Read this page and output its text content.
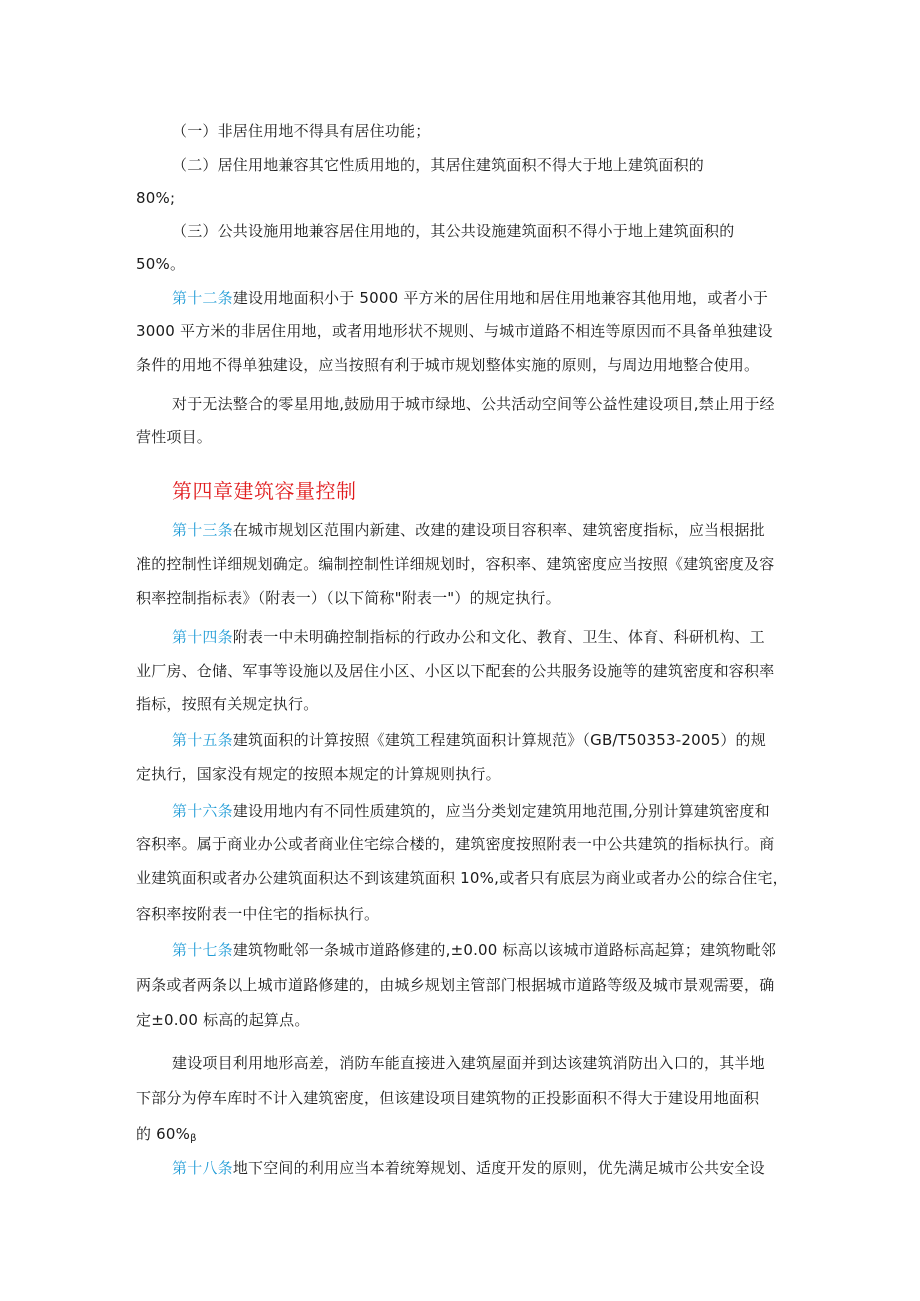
（一）非居住用地不得具有居住功能；
（二）居住用地兼容其它性质用地的，其居住建筑面积不得大于地上建筑面积的
80%;
（三）公共设施用地兼容居住用地的，其公共设施建筑面积不得小于地上建筑面积的
50%。
第十二条建设用地面积小于 5000 平方米的居住用地和居住用地兼容其他用地，或者小于
3000 平方米的非居住用地，或者用地形状不规则、与城市道路不相连等原因而不具备单独建设
条件的用地不得单独建设，应当按照有利于城市规划整体实施的原则，与周边用地整合使用。
对于无法整合的零星用地,鼓励用于城市绿地、公共活动空间等公益性建设项目,禁止用于经
营性项目。
第四章建筑容量控制
第十三条在城市规划区范围内新建、改建的建设项目容积率、建筑密度指标，应当根据批
准的控制性详细规划确定。编制控制性详细规划时，容积率、建筑密度应当按照《建筑密度及容
积率控制指标表》（附表一）（以下简称"附表一"）的规定执行。
第十四条附表一中未明确控制指标的行政办公和文化、教育、卫生、体育、科研机构、工
业厂房、仓储、军事等设施以及居住小区、小区以下配套的公共服务设施等的建筑密度和容积率
指标，按照有关规定执行。
第十五条建筑面积的计算按照《建筑工程建筑面积计算规范》（GB/T50353-2005）的规
定执行，国家没有规定的按照本规定的计算规则执行。
第十六条建设用地内有不同性质建筑的，应当分类划定建筑用地范围,分别计算建筑密度和
容积率。属于商业办公或者商业住宅综合楼的，建筑密度按照附表一中公共建筑的指标执行。商
业建筑面积或者办公建筑面积达不到该建筑面积 10%,或者只有底层为商业或者办公的综合住宅，
容积率按附表一中住宅的指标执行。
第十七条建筑物毗邻一条城市道路修建的,±0.00 标高以该城市道路标高起算；建筑物毗邻
两条或者两条以上城市道路修建的，由城乡规划主管部门根据城市道路等级及城市景观需要，确
定±0.00 标高的起算点。
建设项目利用地形高差，消防车能直接进入建筑屋面并到达该建筑消防出入口的，其半地
下部分为停车库时不计入建筑密度，但该建设项目建筑物的正投影面积不得大于建设用地面积
的 $60\%_\beta$
第十八条地下空间的利用应当本着统筹规划、适度开发的原则，优先满足城市公共安全设
